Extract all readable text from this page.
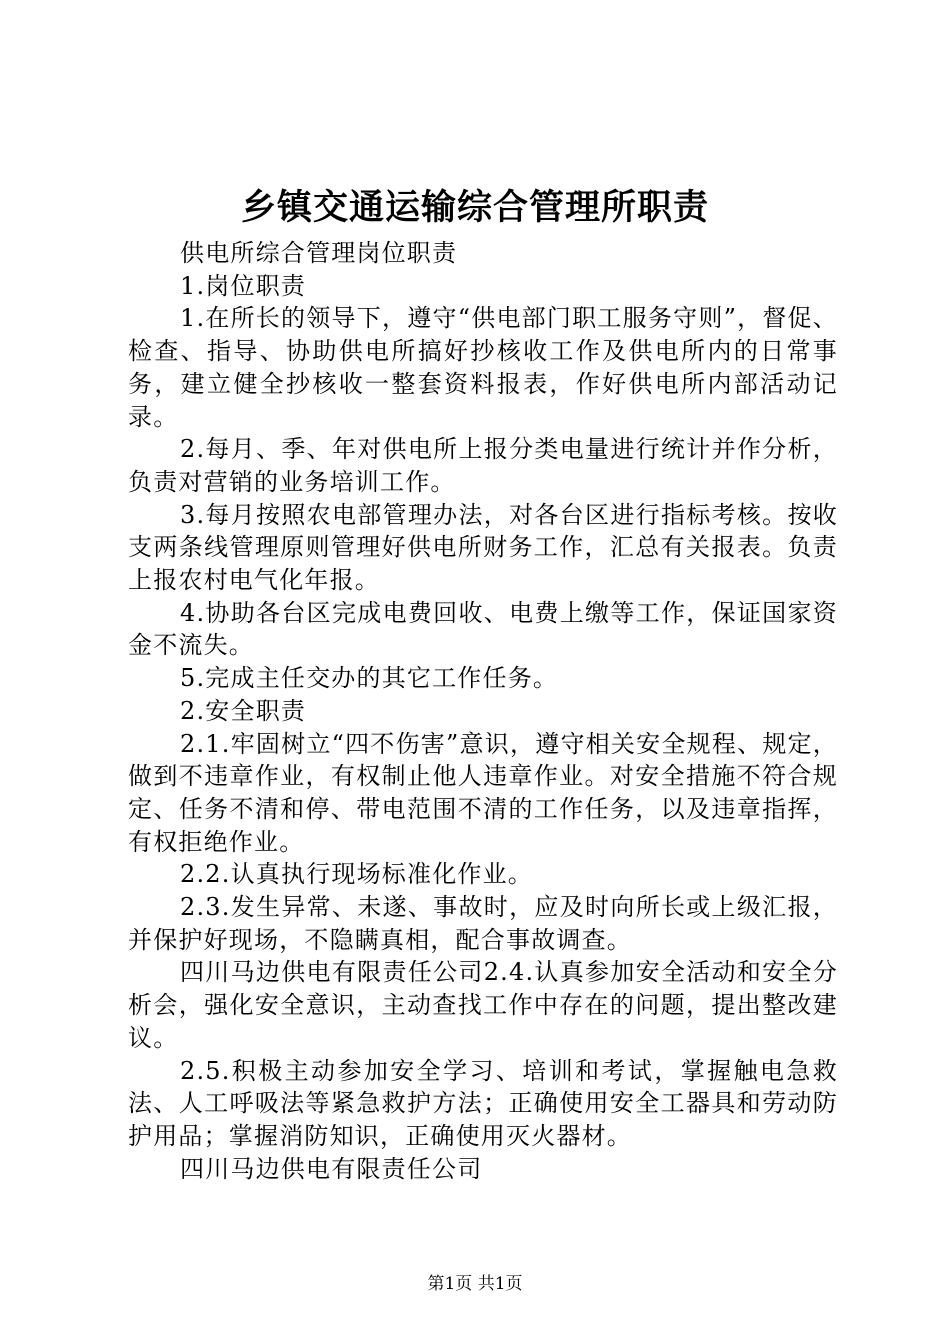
乡镇交通运输综合管理所职责

供电所综合管理岗位职责

1.岗位职责

1.在所长的领导下，遵守“供电部门职工服务守则”，督促、检查、指导、协助供电所搞好抄核收工作及供电所内的日常事务，建立健全抄核收一整套资料报表，作好供电所内部活动记录。

2.每月、季、年对供电所上报分类电量进行统计并作分析，负责对营销的业务培训工作。

3.每月按照农电部管理办法，对各台区进行指标考核。按收支两条线管理原则管理好供电所财务工作，汇总有关报表。负责上报农村电气化年报。

4.协助各台区完成电费回收、电费上缴等工作，保证国家资金不流失。

5.完成主任交办的其它工作任务。

2.安全职责

2.1.牢固树立“四不伤害”意识，遵守相关安全规程、规定，做到不违章作业，有权制止他人违章作业。对安全措施不符合规定、任务不清和停、带电范围不清的工作任务，以及违章指挥，有权拒绝作业。

2.2.认真执行现场标准化作业。

2.3.发生异常、未遂、事故时，应及时向所长或上级汇报，并保护好现场，不隐瞒真相，配合事故调查。

四川马边供电有限责任公司2.4.认真参加安全活动和安全分析会，强化安全意识，主动查找工作中存在的问题，提出整改建议。

2.5.积极主动参加安全学习、培训和考试，掌握触电急救法、人工呼吸法等紧急救护方法；正确使用安全工器具和劳动防护用品；掌握消防知识，正确使用灭火器材。

四川马边供电有限责任公司

第1页 共1页
